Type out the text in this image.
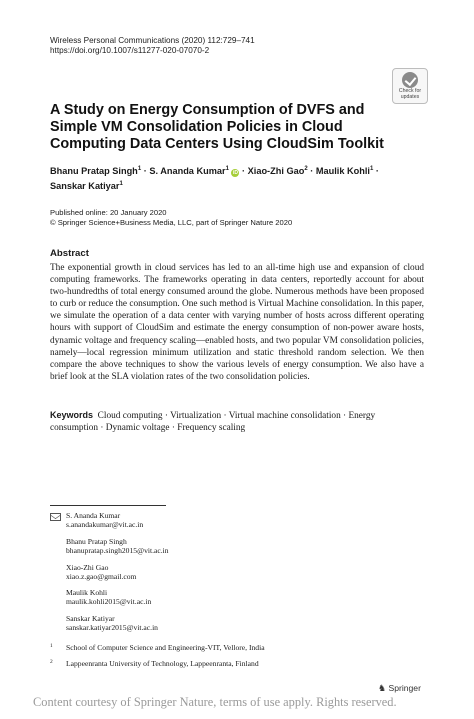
Wireless Personal Communications (2020) 112:729–741
https://doi.org/10.1007/s11277-020-07070-2
Check for
updates
A Study on Energy Consumption of DVFS and Simple VM Consolidation Policies in Cloud Computing Data Centers Using CloudSim Toolkit
Bhanu Pratap Singh$^1$ · S. Ananda Kumar$^1$ iD · Xiao-Zhi Gao$^2$ · Maulik Kohli$^1$ ·
Sanskar Katiyar$^1$
Published online: 20 January 2020
© Springer Science+Business Media, LLC, part of Springer Nature 2020
Abstract
The exponential growth in cloud services has led to an all-time high use and expansion of cloud computing frameworks. The frameworks operating in data centers, reportedly account for about two-hundredths of total energy consumed around the globe. Numerous methods have been proposed to curb or reduce the consumption. One such method is Virtual Machine consolidation. In this paper, we simulate the operation of a data center with varying number of hosts across different operating hours with support of CloudSim and estimate the energy consumption of non-power aware hosts, dynamic voltage and frequency scaling—enabled hosts, and two popular VM consolidation policies, namely—local regression minimum utilization and static threshold random selection. We then compare the above techniques to show the various levels of energy consumption. We also have a brief look at the SLA violation rates of the two consolidation policies.
Keywords Cloud computing · Virtualization · Virtual machine consolidation · Energy consumption · Dynamic voltage · Frequency scaling
S. Ananda Kumar
s.anandakumar@vit.ac.in
Bhanu Pratap Singh
bhanupratap.singh2015@vit.ac.in
Xiao-Zhi Gao
xiao.z.gao@gmail.com
Maulik Kohli
maulik.kohli2015@vit.ac.in
Sanskar Katiyar
sanskar.katiyar2015@vit.ac.in
$^1$ School of Computer Science and Engineering-VIT, Vellore, India
$^2$ Lappeenranta University of Technology, Lappeenranta, Finland
♞ Springer
Content courtesy of Springer Nature, terms of use apply. Rights reserved.
